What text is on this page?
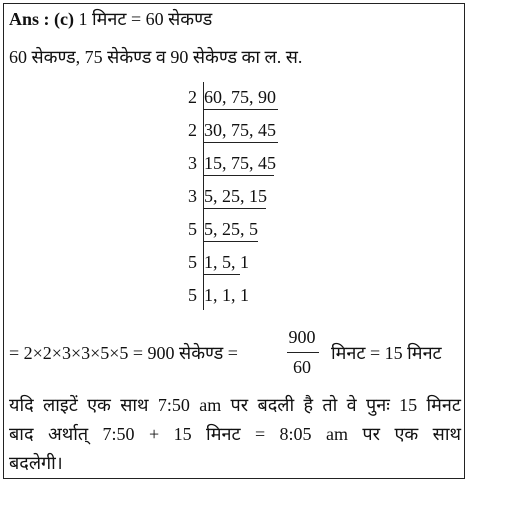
Ans : (c) 1 मिनट = 60 सेकण्ड
60 सेकण्ड, 75 सेकेण्ड व 90 सेकेण्ड का ल. स.
2 60, 75, 90
2 30, 75, 45
3 15, 75, 45
3 5, 25, 15
5 5, 25, 5
5 1, 5, 1
5 1, 1, 1
= 2×2×3×3×5×5 = 900 सेकेण्ड =
900
60
मिनट = 15 मिनट
यदि लाइटें एक साथ 7:50 am पर बदली है तो वे पुनः 15 मिनट
बाद अर्थात् 7:50 + 15 मिनट = 8:05 am पर एक साथ
बदलेगी।
